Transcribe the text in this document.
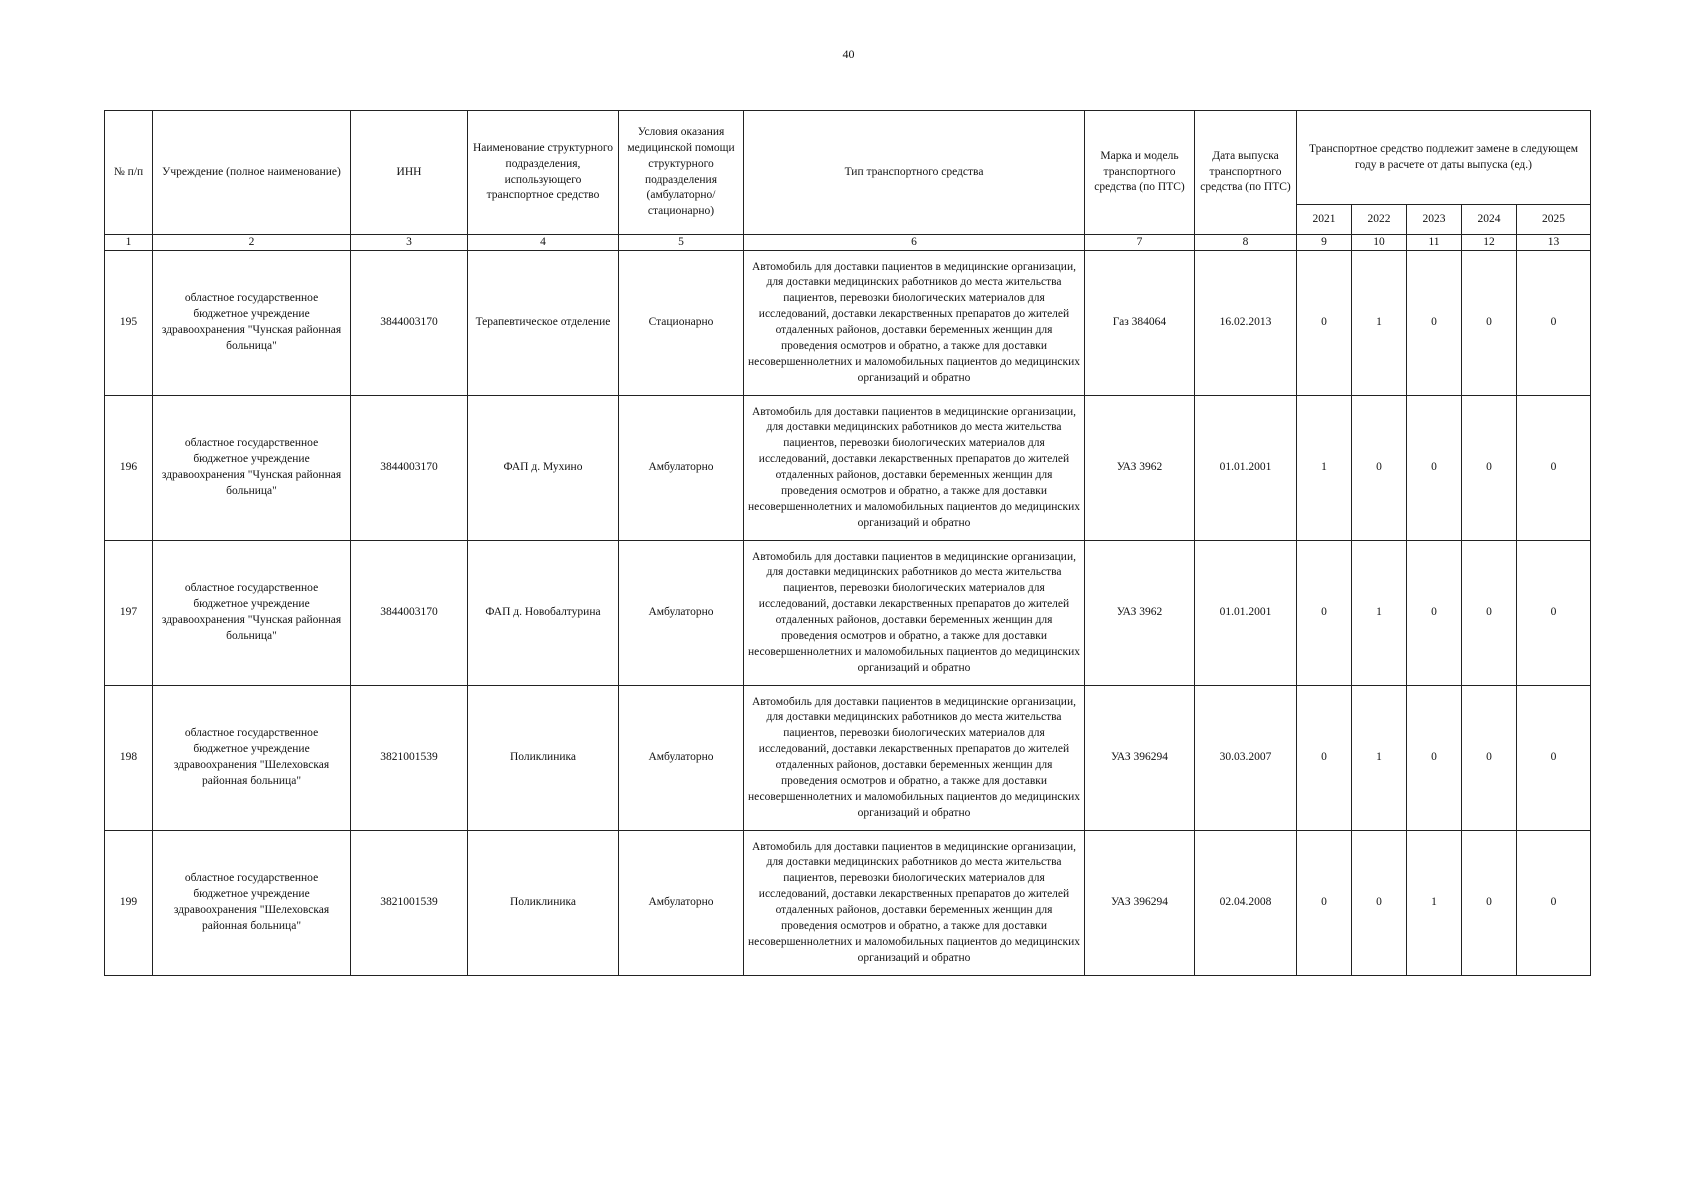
40
№ п/п	Учреждение (полное наименование)	ИНН	Наименование структурного подразделения, использующего транспортное средство	Условия оказания медицинской помощи структурного подразделения (амбулаторно/ стационарно)	Тип транспортного средства	Марка и модель транспортного средства (по ПТС)	Дата выпуска транспортного средства (по ПТС)	Транспортное средство подлежит замене в следующем году в расчете от даты выпуска (ед.)				
								2021	2022	2023	2024	2025
1	2	3	4	5	6	7	8	9	10	11	12	13
195	областное государственное бюджетное учреждение здравоохранения "Чунская районная больница"	3844003170	Терапевтическое отделение	Стационарно	Автомобиль для доставки пациентов в медицинские организации, для доставки медицинских работников до места жительства пациентов, перевозки биологических материалов для исследований, доставки лекарственных препаратов до жителей отдаленных районов, доставки беременных женщин для проведения осмотров и обратно, а также для доставки несовершеннолетних и маломобильных пациентов до медицинских организаций и обратно	Газ 384064	16.02.2013	0	1	0	0	0
196	областное государственное бюджетное учреждение здравоохранения "Чунская районная больница"	3844003170	ФАП д. Мухино	Амбулаторно	Автомобиль для доставки пациентов в медицинские организации, для доставки медицинских работников до места жительства пациентов, перевозки биологических материалов для исследований, доставки лекарственных препаратов до жителей отдаленных районов, доставки беременных женщин для проведения осмотров и обратно, а также для доставки несовершеннолетних и маломобильных пациентов до медицинских организаций и обратно	УАЗ 3962	01.01.2001	1	0	0	0	0
197	областное государственное бюджетное учреждение здравоохранения "Чунская районная больница"	3844003170	ФАП д. Новобалтурина	Амбулаторно	Автомобиль для доставки пациентов в медицинские организации, для доставки медицинских работников до места жительства пациентов, перевозки биологических материалов для исследований, доставки лекарственных препаратов до жителей отдаленных районов, доставки беременных женщин для проведения осмотров и обратно, а также для доставки несовершеннолетних и маломобильных пациентов до медицинских организаций и обратно	УАЗ 3962	01.01.2001	0	1	0	0	0
198	областное государственное бюджетное учреждение здравоохранения "Шелеховская районная больница"	3821001539	Поликлиника	Амбулаторно	Автомобиль для доставки пациентов в медицинские организации, для доставки медицинских работников до места жительства пациентов, перевозки биологических материалов для исследований, доставки лекарственных препаратов до жителей отдаленных районов, доставки беременных женщин для проведения осмотров и обратно, а также для доставки несовершеннолетних и маломобильных пациентов до медицинских организаций и обратно	УАЗ 396294	30.03.2007	0	1	0	0	0
199	областное государственное бюджетное учреждение здравоохранения "Шелеховская районная больница"	3821001539	Поликлиника	Амбулаторно	Автомобиль для доставки пациентов в медицинские организации, для доставки медицинских работников до места жительства пациентов, перевозки биологических материалов для исследований, доставки лекарственных препаратов до жителей отдаленных районов, доставки беременных женщин для проведения осмотров и обратно, а также для доставки несовершеннолетних и маломобильных пациентов до медицинских организаций и обратно	УАЗ 396294	02.04.2008	0	0	1	0	0
